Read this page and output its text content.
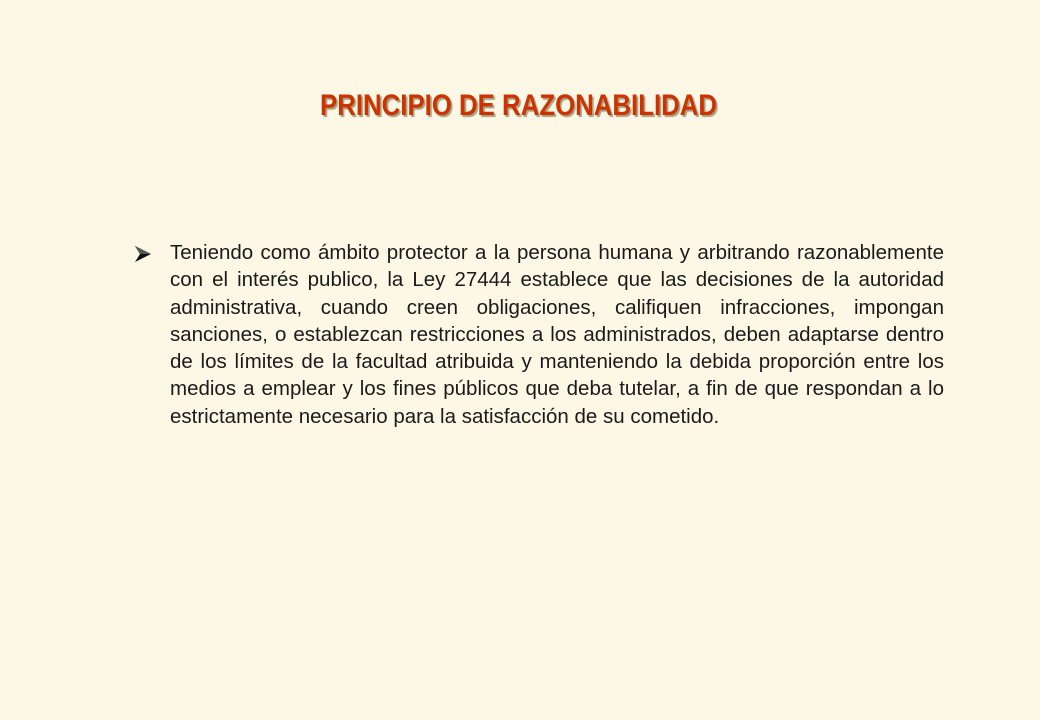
PRINCIPIO DE RAZONABILIDAD

Teniendo como ámbito protector a la persona humana y arbitrando razonablemente con el interés publico, la Ley 27444 establece que las decisiones de la autoridad administrativa, cuando creen obligaciones, califiquen infracciones, impongan sanciones, o establezcan restricciones a los administrados, deben adaptarse dentro de los límites de la facultad atribuida y manteniendo la debida proporción entre los medios a emplear y los fines públicos que deba tutelar, a fin de que respondan a lo estrictamente necesario para la satisfacción de su cometido.
